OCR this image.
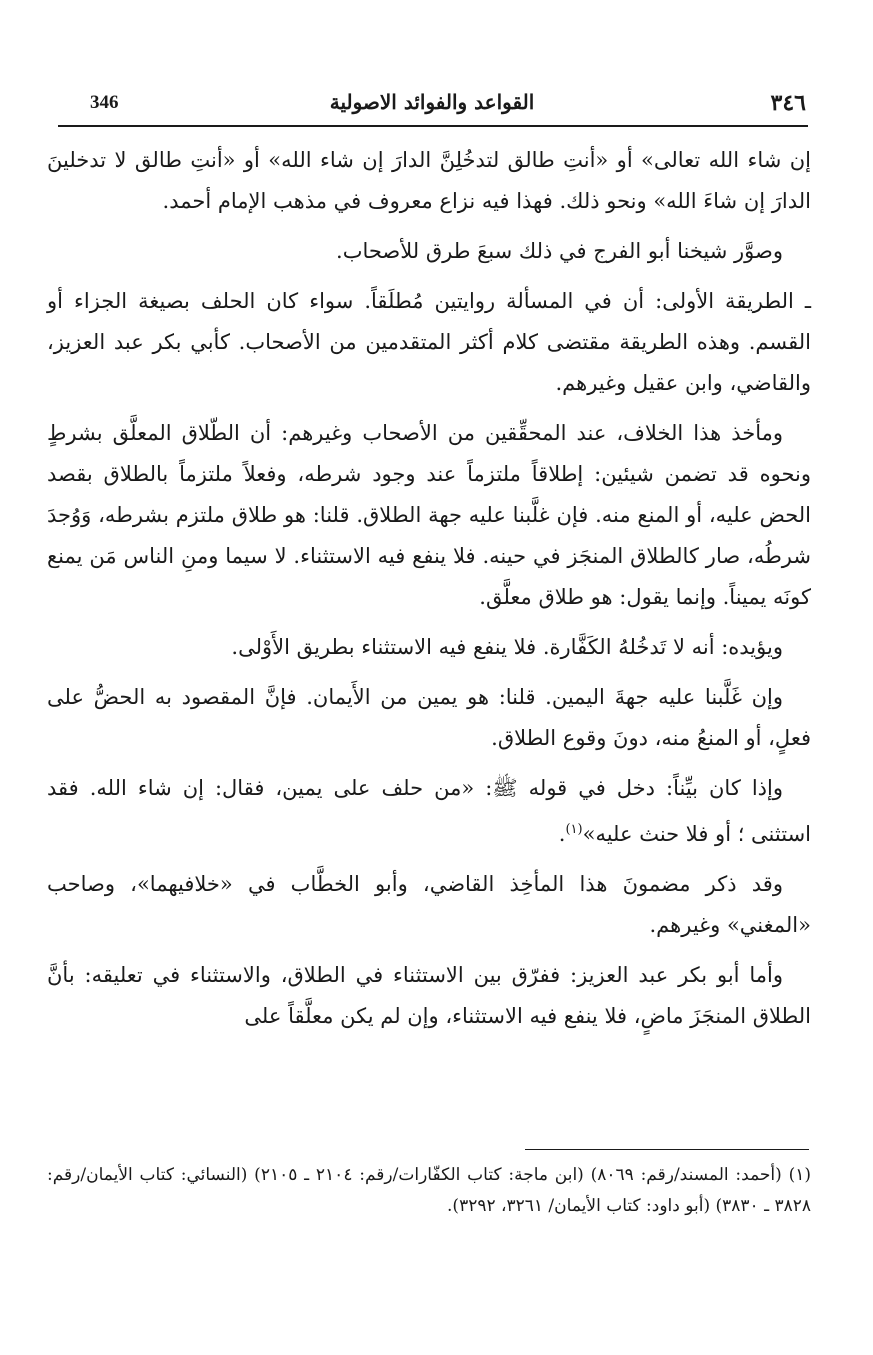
346	القواعد والفوائد الاصولية	٣٤٦

إن شاء الله تعالى» أو «أنتِ طالق لتدخُلِنَّ الدارَ إن شاء الله» أو «أنتِ طالق لا تدخلينَ الدارَ إن شاءَ الله» ونحو ذلك. فهذا فيه نزاع معروف في مذهب الإمام أحمد.

وصوَّر شيخنا أبو الفرج في ذلك سبعَ طرق للأصحاب.

ـ الطريقة الأولى: أن في المسألة روايتين مُطلَقاً. سواء كان الحلف بصيغة الجزاء أو القسم. وهذه الطريقة مقتضى كلام أكثر المتقدمين من الأصحاب. كأبي بكر عبد العزيز، والقاضي، وابن عقيل وغيرهم.

ومأخذ هذا الخلاف، عند المحقِّقين من الأصحاب وغيرهم: أن الطّلاق المعلَّق بشرطٍ ونحوه قد تضمن شيئين: إطلاقاً ملتزماً عند وجود شرطه، وفعلاً ملتزماً بالطلاق بقصد الحض عليه، أو المنع منه. فإن غلَّبنا عليه جهة الطلاق. قلنا: هو طلاق ملتزم بشرطه، وَوُجدَ شرطُه، صار كالطلاق المنجَز في حينه. فلا ينفع فيه الاستثناء. لا سيما ومنِ الناس مَن يمنع كونَه يميناً. وإنما يقول: هو طلاق معلَّق.

ويؤيده: أنه لا تَدخُلهُ الكَفَّارة. فلا ينفع فيه الاستثناء بطريق الأَوْلى.

وإن غَلَّبنا عليه جهةَ اليمين. قلنا: هو يمين من الأَيمان. فإنَّ المقصود به الحضُّ على فعلٍ، أو المنعُ منه، دونَ وقوع الطلاق.

وإذا كان بيِّناً: دخل في قوله ﷺ: «من حلف على يمين، فقال: إن شاء الله. فقد استثنى ؛ أو فلا حنث عليه»$^{(١)}$.

وقد ذكر مضمونَ هذا المأخِذ القاضي، وأبو الخطَّاب في «خلافيهما»، وصاحب «المغني» وغيرهم.

وأما أبو بكر عبد العزيز: ففرّق بين الاستثناء في الطلاق، والاستثناء في تعليقه: بأنَّ الطلاق المنجَزَ ماضٍ، فلا ينفع فيه الاستثناء، وإن لم يكن معلَّقاً على

(١) (أحمد: المسند/رقم: ٨٠٦٩) (ابن ماجة: كتاب الكفّارات/رقم: ٢١٠٤ ـ ٢١٠٥) (النسائي: كتاب الأيمان/رقم: ٣٨٢٨ ـ ٣٨٣٠) (أبو داود: كتاب الأيمان/ ٣٢٦١، ٣٢٩٢).
